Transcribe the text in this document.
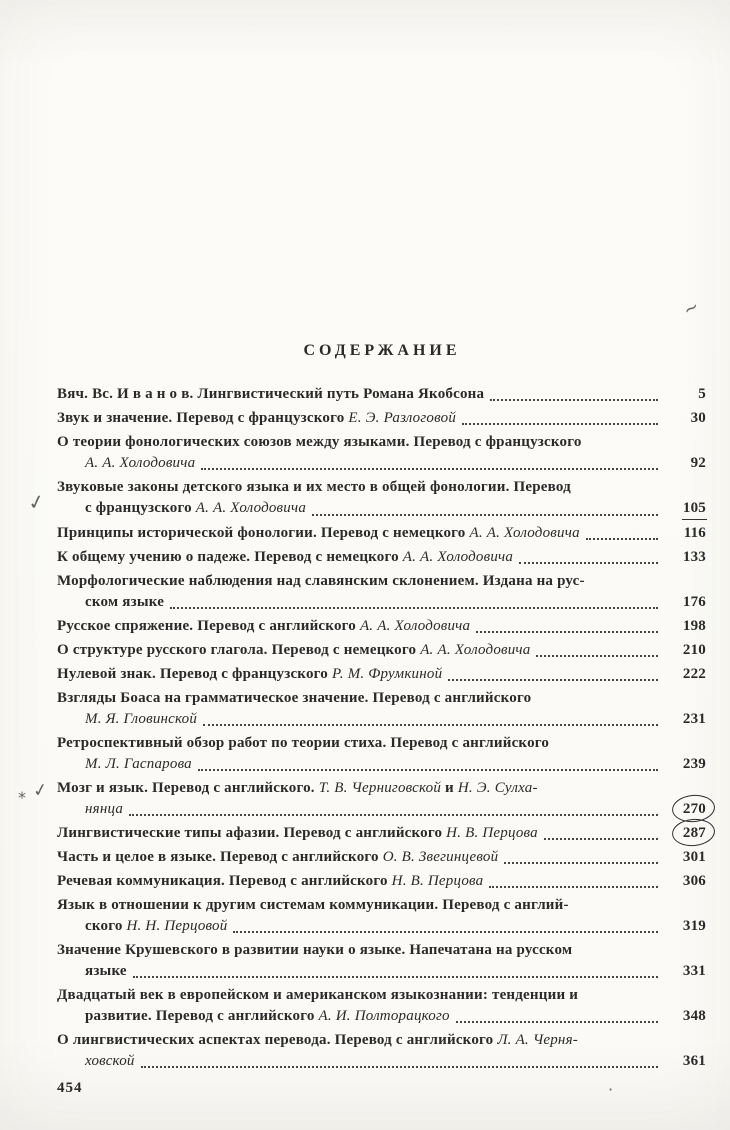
СОДЕРЖАНИЕ
Вяч. Вс. И в а н о в. Лингвистический путь Романа Якобсона	5
Звук и значение. Перевод с французского Е. Э. Разлоговой	30
О теории фонологических союзов между языками. Перевод с французского
А. А. Холодовича	92
Звуковые законы детского языка и их место в общей фонологии. Перевод
с французского А. А. Холодовича	105
Принципы исторической фонологии. Перевод с немецкого А. А. Холодовича	116
К общему учению о падеже. Перевод с немецкого А. А. Холодовича	133
Морфологические наблюдения над славянским склонением. Издана на рус-
ском языке	176
Русское спряжение. Перевод с английского А. А. Холодовича	198
О структуре русского глагола. Перевод с немецкого А. А. Холодовича	210
Нулевой знак. Перевод с французского Р. М. Фрумкиной	222
Взгляды Боаса на грамматическое значение. Перевод с английского
М. Я. Гловинской	231
Ретроспективный обзор работ по теории стиха. Перевод с английского
М. Л. Гаспарова	239
Мозг и язык. Перевод с английского. Т. В. Черниговской и Н. Э. Сулха-
нянца	270
Лингвистические типы афазии. Перевод с английского Н. В. Перцова	287
Часть и целое в языке. Перевод с английского О. В. Звегинцевой	301
Речевая коммуникация. Перевод с английского Н. В. Перцова	306
Язык в отношении к другим системам коммуникации. Перевод с англий-
ского Н. Н. Перцовой	319
Значение Крушевского в развитии науки о языке. Напечатана на русском
языке	331
Двадцатый век в европейском и американском языкознании: тенденции и
развитие. Перевод с английского А. И. Полторацкого	348
О лингвистических аспектах перевода. Перевод с английского Л. А. Черня-
ховской	361
454
✓
* ✓
~
·
